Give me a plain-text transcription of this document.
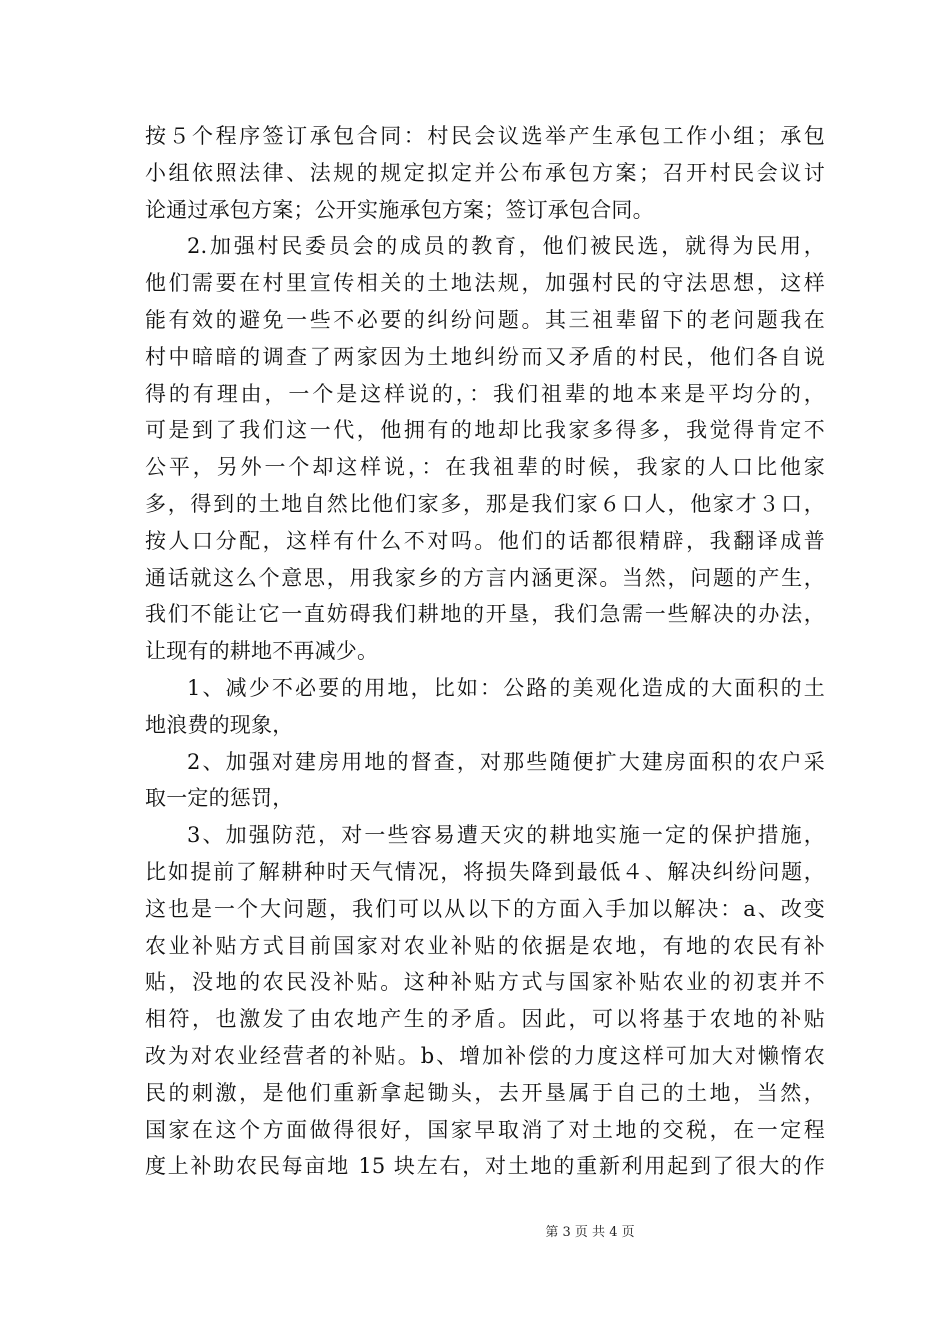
按５个程序签订承包合同：村民会议选举产生承包工作小组；承包
小组依照法律、法规的规定拟定并公布承包方案；召开村民会议讨
论通过承包方案；公开实施承包方案；签订承包合同。
2.加强村民委员会的成员的教育，他们被民选，就得为民用，
他们需要在村里宣传相关的土地法规，加强村民的守法思想，这样
能有效的避免一些不必要的纠纷问题。其三祖辈留下的老问题我在
村中暗暗的调查了两家因为土地纠纷而又矛盾的村民，他们各自说
得的有理由，一个是这样说的，：我们祖辈的地本来是平均分的，
可是到了我们这一代，他拥有的地却比我家多得多，我觉得肯定不
公平，另外一个却这样说，：在我祖辈的时候，我家的人口比他家
多，得到的土地自然比他们家多，那是我们家６口人，他家才３口，
按人口分配，这样有什么不对吗。他们的话都很精辟，我翻译成普
通话就这么个意思，用我家乡的方言内涵更深。当然，问题的产生，
我们不能让它一直妨碍我们耕地的开垦，我们急需一些解决的办法，
让现有的耕地不再减少。
1、减少不必要的用地，比如：公路的美观化造成的大面积的土
地浪费的现象，
2、加强对建房用地的督查，对那些随便扩大建房面积的农户采
取一定的惩罚，
3、加强防范，对一些容易遭天灾的耕地实施一定的保护措施，
比如提前了解耕种时天气情况，将损失降到最低４、解决纠纷问题，
这也是一个大问题，我们可以从以下的方面入手加以解决：a、改变
农业补贴方式目前国家对农业补贴的依据是农地，有地的农民有补
贴，没地的农民没补贴。这种补贴方式与国家补贴农业的初衷并不
相符，也激发了由农地产生的矛盾。因此，可以将基于农地的补贴
改为对农业经营者的补贴。b、增加补偿的力度这样可加大对懒惰农
民的刺激，是他们重新拿起锄头，去开垦属于自己的土地，当然，
国家在这个方面做得很好，国家早取消了对土地的交税，在一定程
度上补助农民每亩地 15 块左右，对土地的重新利用起到了很大的作
第 3 页 共 4 页
